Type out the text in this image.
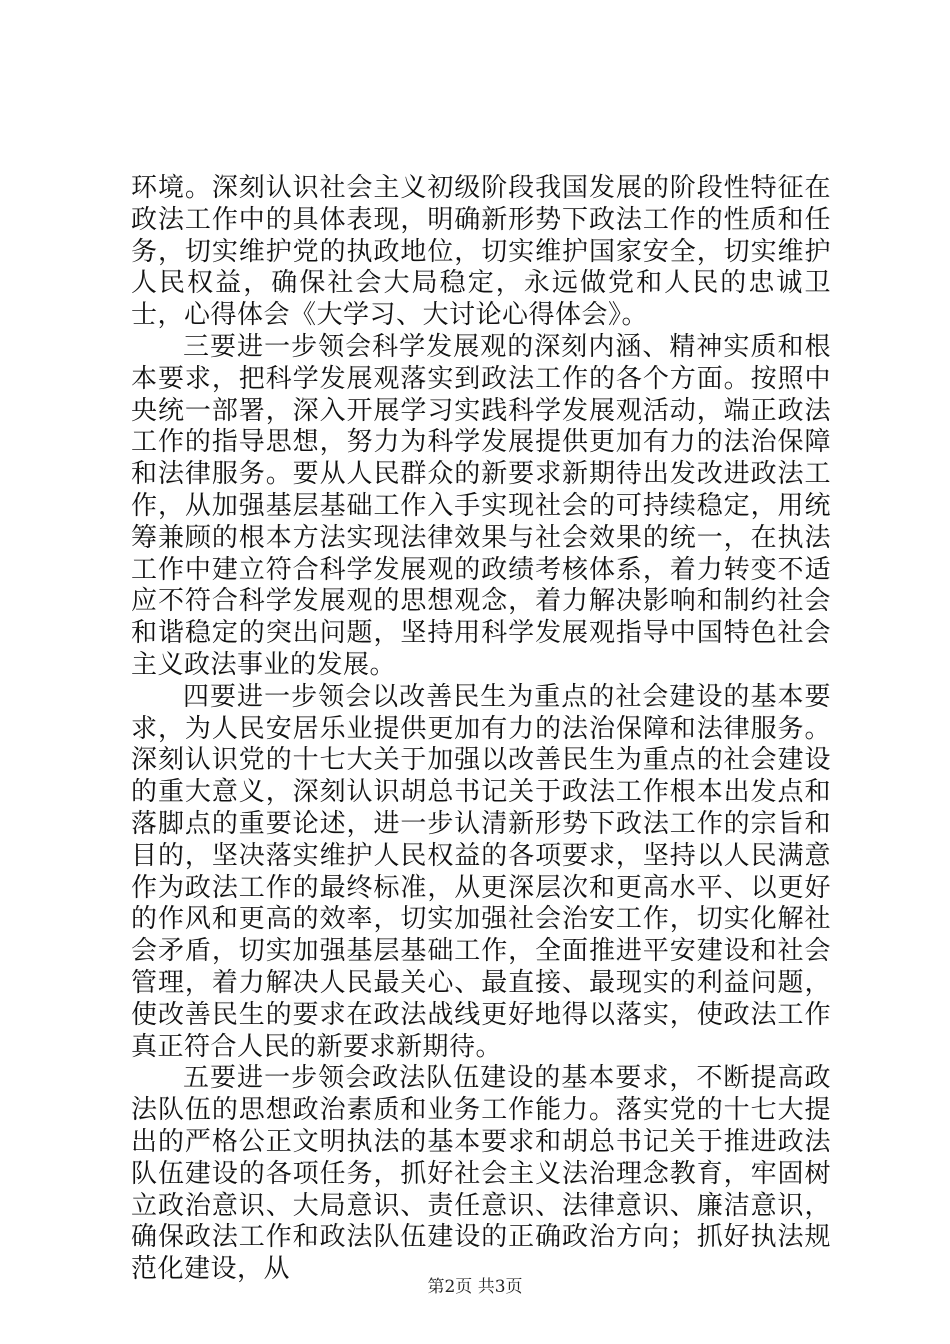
环境。深刻认识社会主义初级阶段我国发展的阶段性特征在政法工作中的具体表现，明确新形势下政法工作的性质和任务，切实维护党的执政地位，切实维护国家安全，切实维护人民权益，确保社会大局稳定，永远做党和人民的忠诚卫士，心得体会《大学习、大讨论心得体会》。

三要进一步领会科学发展观的深刻内涵、精神实质和根本要求，把科学发展观落实到政法工作的各个方面。按照中央统一部署，深入开展学习实践科学发展观活动，端正政法工作的指导思想，努力为科学发展提供更加有力的法治保障和法律服务。要从人民群众的新要求新期待出发改进政法工作，从加强基层基础工作入手实现社会的可持续稳定，用统筹兼顾的根本方法实现法律效果与社会效果的统一，在执法工作中建立符合科学发展观的政绩考核体系，着力转变不适应不符合科学发展观的思想观念，着力解决影响和制约社会和谐稳定的突出问题，坚持用科学发展观指导中国特色社会主义政法事业的发展。

四要进一步领会以改善民生为重点的社会建设的基本要求，为人民安居乐业提供更加有力的法治保障和法律服务。深刻认识党的十七大关于加强以改善民生为重点的社会建设的重大意义，深刻认识胡总书记关于政法工作根本出发点和落脚点的重要论述，进一步认清新形势下政法工作的宗旨和目的，坚决落实维护人民权益的各项要求，坚持以人民满意作为政法工作的最终标准，从更深层次和更高水平、以更好的作风和更高的效率，切实加强社会治安工作，切实化解社会矛盾，切实加强基层基础工作，全面推进平安建设和社会管理，着力解决人民最关心、最直接、最现实的利益问题，使改善民生的要求在政法战线更好地得以落实，使政法工作真正符合人民的新要求新期待。

五要进一步领会政法队伍建设的基本要求，不断提高政法队伍的思想政治素质和业务工作能力。落实党的十七大提出的严格公正文明执法的基本要求和胡总书记关于推进政法队伍建设的各项任务，抓好社会主义法治理念教育，牢固树立政治意识、大局意识、责任意识、法律意识、廉洁意识，确保政法工作和政法队伍建设的正确政治方向；抓好执法规范化建设，从

第2页 共3页
